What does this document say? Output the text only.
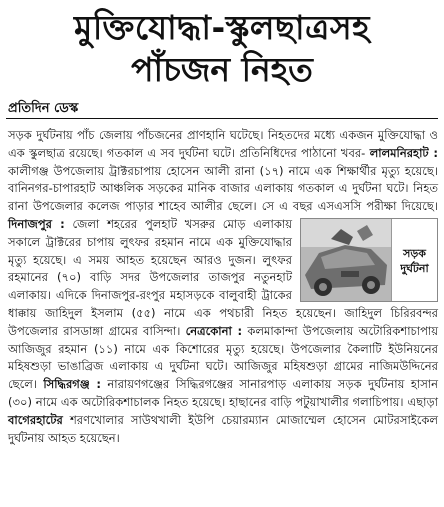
মুক্তিযোদ্ধা-স্কুলছাত্রসহ
পাঁচজন নিহত
প্রতিদিন ডেস্ক

সড়ক দুর্ঘটনায় পাঁচ জেলায় পাঁচজনের প্রাণহানি ঘটেছে। নিহতদের মধ্যে একজন মুক্তিযোদ্ধা ও এক স্কুলছাত্র রয়েছে। গতকাল এ সব দুর্ঘটনা ঘটে। প্রতিনিধিদের পাঠানো খবর- লালমনিরহাট : কালীগঞ্জ উপজেলায় ট্রাক্টরচাপায় হোসেন আলী রানা (১৭) নামে এক শিক্ষার্থীর মৃত্যু হয়েছে। বানিনগর-চাপারহাট আঞ্চলিক সড়কের মানিক বাজার এলাকায় গতকাল এ দুর্ঘটনা ঘটে। নিহত রানা উপজেলার কলেজ পাড়ার শাহেব আলীর ছেলে। সে এ বছর এসএসসি পরীক্ষা দিয়েছে।
সড়ক
দুর্ঘটনা
দিনাজপুর : জেলা শহরের পুলহাট খসরুর মোড় এলাকায় সকালে ট্রাক্টরের চাপায় লুৎফর রহমান নামে এক মুক্তিযোদ্ধার মৃত্যু হয়েছে। এ সময় আহত হয়েছেন আরও দুজন। লুৎফর রহমানের (৭০) বাড়ি সদর উপজেলার তাজপুর নতুনহাট এলাকায়। এদিকে দিনাজপুর-রংপুর মহাসড়কে বালুবাহী ট্রাকের ধাক্কায় জাহিদুল ইসলাম (৫৫) নামে এক পথচারী নিহত হয়েছেন। জাহিদুল চিরিরবন্দর উপজেলার রাসডাঙ্গা গ্রামের বাসিন্দা। নেত্রকোনা : কলমাকান্দা উপজেলায় অটোরিকশাচাপায় আজিজুর রহমান (১১) নামে এক কিশোরের মৃত্যু হয়েছে। উপজেলার কৈলাটি ইউনিয়নের মহিষশুড়া ভাঙাব্রিজ এলাকায় এ দুর্ঘটনা ঘটে। আজিজুর মহিষশুড়া গ্রামের নাজিমউদ্দিনের ছেলে। সিদ্ধিরগঞ্জ : নারায়ণগঞ্জের সিদ্ধিরগঞ্জের সানারপাড় এলাকায় সড়ক দুর্ঘটনায় হাসান (৩০) নামে এক অটোরিকশাচালক নিহত হয়েছে। হাছানের বাড়ি পটুয়াখালীর গলাচিপায়। এছাড়া বাগেরহাটের শরণখোলার সাউথখালী ইউপি চেয়ারম্যান মোজাম্মেল হোসেন মোটরসাইকেল দুর্ঘটনায় আহত হয়েছেন।
